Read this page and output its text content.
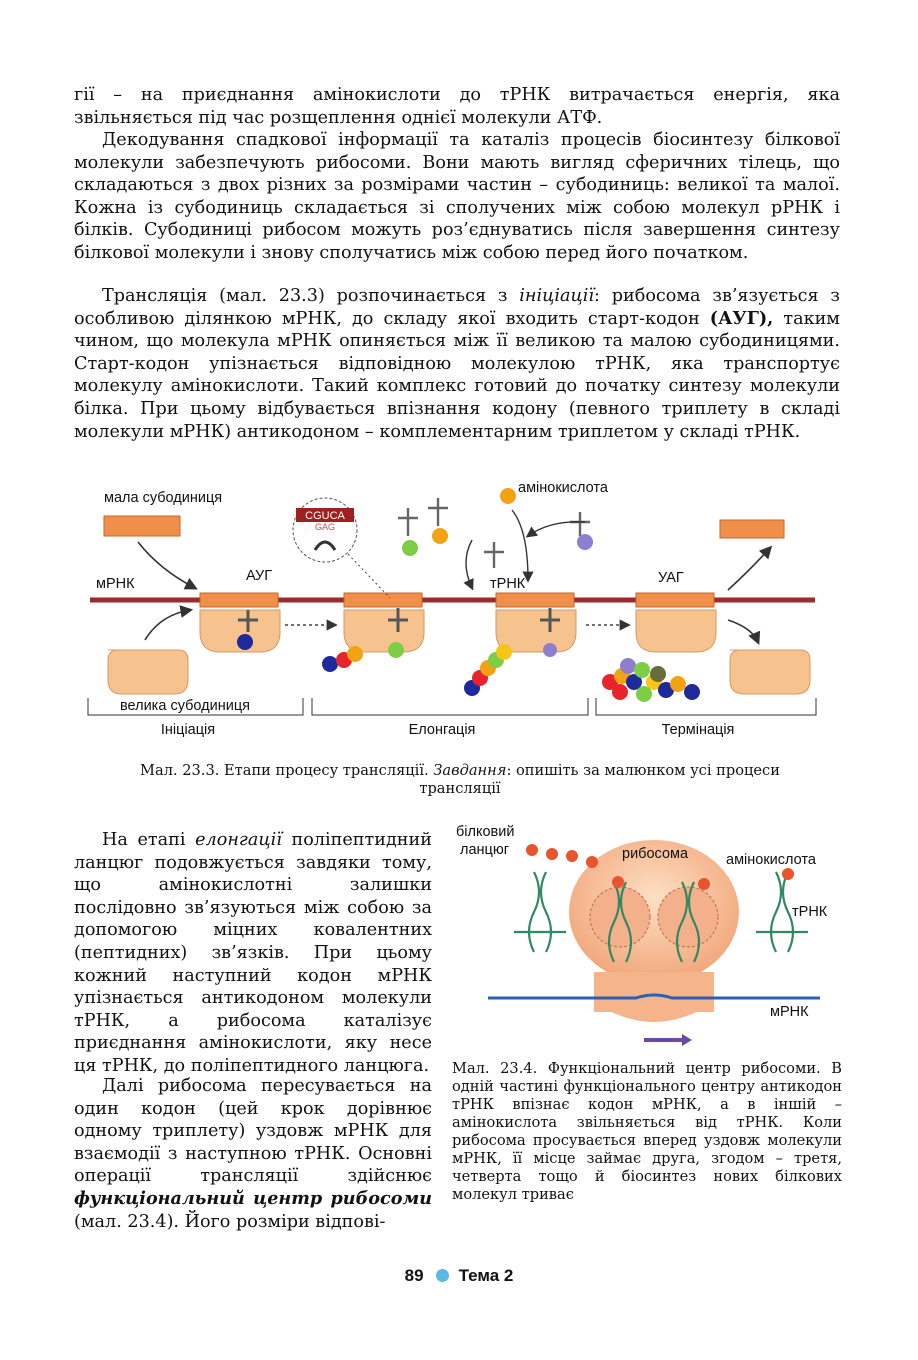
гії – на приєднання амінокислоти до тРНК витрачається енергія, яка звільняється під час розщеплення однієї молекули АТФ.

Декодування спадкової інформації та каталіз процесів біосинтезу білкової молекули забезпечують рибосоми. Вони мають вигляд сферичних тілець, що складаються з двох різних за розмірами частин – субодиниць: великої та малої. Кожна із субодиниць складається зі сполучених між собою молекул рРНК і білків. Субодиниці рибосом можуть роз’єднуватись після завершення синтезу білкової молекули і знову сполучатись між собою перед його початком.

Трансляція (мал. 23.3) розпочинається з ініціації: рибосома зв’язується з особливою ділянкою мРНК, до складу якої входить старт-кодон (АУГ), таким чином, що молекула мРНК опиняється між її великою та малою субодиницями. Старт-кодон упізнається відповідною молекулою тРНК, яка транспортує молекулу амінокислоти. Такий комплекс готовий до початку синтезу молекули білка. При цьому відбувається впізнання кодону (певного триплету в складі молекули мРНК) антикодоном – комплементарним триплетом у складі тРНК.

CGUCA
GAG
мала субодиниця
амінокислота
мРНК	АУГ	тРНК	УАГ
велика субодиниця
Ініціація	Елонгація	Термінація

Мал. 23.3. Етапи процесу трансляції. Завдання: опишіть за малюнком усі процеси трансляції

На етапі елонгації поліпептидний ланцюг подовжується завдяки тому, що амінокислотні залишки послідовно зв’язуються між собою за допомогою міцних ковалентних (пептидних) зв’язків. При цьому кожний наступний кодон мРНК упізнається антикодоном молекули тРНК, а рибосома каталізує приєднання амінокислоти, яку несе ця тРНК, до поліпептидного ланцюга.

Далі рибосома пересувається на один кодон (цей крок дорівнює одному триплету) уздовж мРНК для взаємодії з наступною тРНК. Основні операції трансляції здійснює функціональний центр рибосоми (мал. 23.4). Його розміри відпові-

білковий
ланцюг	рибосома	амінокислота
тРНК
мРНК

Мал. 23.4. Функціональний центр рибосоми. В одній частині функціонального центру антикодон тРНК впізнає кодон мРНК, а в іншій – амінокислота звільняється від тРНК. Коли рибосома просувається вперед уздовж молекули мРНК, її місце займає друга, згодом – третя, четверта тощо й біосинтез нових білкових молекул триває

89 Тема 2
